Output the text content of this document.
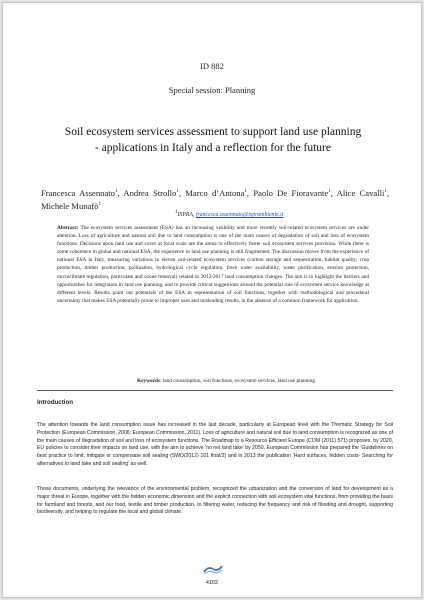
ID 882
Special session: Planning
Soil ecosystem services assessment to support land use planning - applications in Italy and a reflection for the future
Francesca Assennato$^1$, Andrea Strollo$^1$, Marco d’Antona$^1$, Paolo De Fioravante$^1$, Alice Cavalli$^1$, Michele Munafò$^1$
$^1$ISPRA, francesca.assennato@isprambiente.it
Abstract: The ecosystem services assessment (ESA) has an increasing visibility and more recently soil-related ecosystem services are under attention. Loss of agriculture and natural soil due to land consumption is one of the main causes of degradation of soil and loss of ecosystem functions. Decisions upon land use and cover at local scale are the arena to effectively foster soil ecosystem services provision. While there is some coherence in global and national ESA, the experience in land use planning is still fragmented. The discussion moves from the experience of national ESA in Italy, measuring variations in eleven soil-related ecosystem services (carbon storage and sequestration, habitat quality, crop production, timber production, pollination, hydrological cycle regulation, fresh water availability, water purification, erosion protection, microclimate regulation, particulate and ozone removal) related to 2012-2017 land consumption changes. The aim is to highlight the barriers and opportunities for integration in land use planning, and to provide critical suggestions around the potential role of ecosystem service knowledge at different levels. Results point out potentials of the ESA in representation of soil functions, together with methodological and procedural uncertainty that makes ESA potentially prone to improper uses and misleading results, in the absence of a common framework for application.
Keywords: land consumption, soil functions, ecosystem services, land use planning
Introduction
The attention towards the land consumption issue has increased in the last decade, particularly at European level with the Thematic Strategy for Soil Protection (European Commission, 2006; European Commission, 2011). Loss of agriculture and natural soil due to land consumption is recognized as one of the main causes of degradation of soil and loss of ecosystem functions. The Roadmap to a Resource Efficient Europe (COM (2011) 571) proposes, by 2020, EU policies to consider their impacts on land use, with the aim to achieve ‘no net land take’ by 2050. European Commission has prepared the ‘Guidelines on best practice to limit, mitigate or compensate soil sealing (SWD(2012) 101 final/2) and in 2013 the publication ‘Hard surfaces, hidden costs- Searching for alternatives to land take and soil sealing’ as well.
Those documents, underlying the relevance of the environmental problem, recognized the urbanization and the conversion of land for development as a major threat in Europe, together with the hidden economic dimension and the explicit connection with soil ecosystem vital functions, from providing the basis for farmland and forests, and our food, textile and timber production, to filtering water, reducing the frequency and risk of flooding and drought, supporting biodiversity, and helping to regulate the local and global climate.
4102
